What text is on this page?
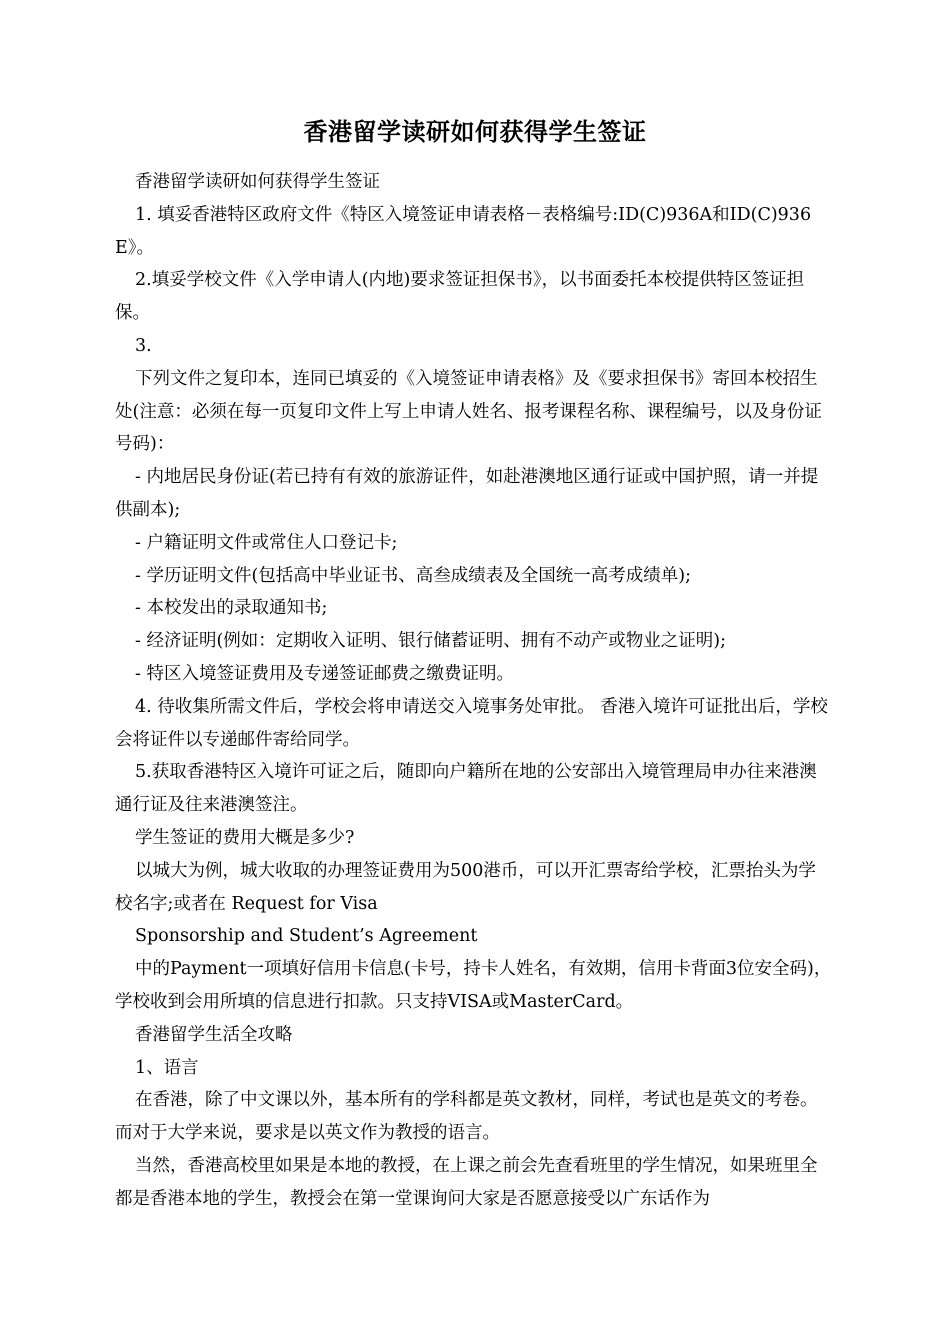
香港留学读研如何获得学生签证

香港留学读研如何获得学生签证

1. 填妥香港特区政府文件《特区入境签证申请表格－表格编号:ID(C)936A和ID(C)936E》。

2.填妥学校文件《入学申请人(内地)要求签证担保书》，以书面委托本校提供特区签证担保。

3.

下列文件之复印本，连同已填妥的《入境签证申请表格》及《要求担保书》寄回本校招生处(注意：必须在每一页复印文件上写上申请人姓名、报考课程名称、课程编号，以及身份证号码)：

- 内地居民身份证(若已持有有效的旅游证件，如赴港澳地区通行证或中国护照，请一并提供副本);

- 户籍证明文件或常住人口登记卡;

- 学历证明文件(包括高中毕业证书、高叁成绩表及全国统一高考成绩单);

- 本校发出的录取通知书;

- 经济证明(例如：定期收入证明、银行储蓄证明、拥有不动产或物业之证明);

- 特区入境签证费用及专递签证邮费之缴费证明。

4. 待收集所需文件后，学校会将申请送交入境事务处审批。 香港入境许可证批出后，学校会将证件以专递邮件寄给同学。

5.获取香港特区入境许可证之后，随即向户籍所在地的公安部出入境管理局申办往来港澳通行证及往来港澳签注。

学生签证的费用大概是多少?

以城大为例，城大收取的办理签证费用为500港币，可以开汇票寄给学校，汇票抬头为学校名字;或者在 Request for Visa

Sponsorship and Student’s Agreement

中的Payment一项填好信用卡信息(卡号，持卡人姓名，有效期，信用卡背面3位安全码)，学校收到会用所填的信息进行扣款。只支持VISA或MasterCard。

香港留学生活全攻略

1、语言

在香港，除了中文课以外，基本所有的学科都是英文教材，同样，考试也是英文的考卷。而对于大学来说，要求是以英文作为教授的语言。

当然，香港高校里如果是本地的教授，在上课之前会先查看班里的学生情况，如果班里全都是香港本地的学生，教授会在第一堂课询问大家是否愿意接受以广东话作为
